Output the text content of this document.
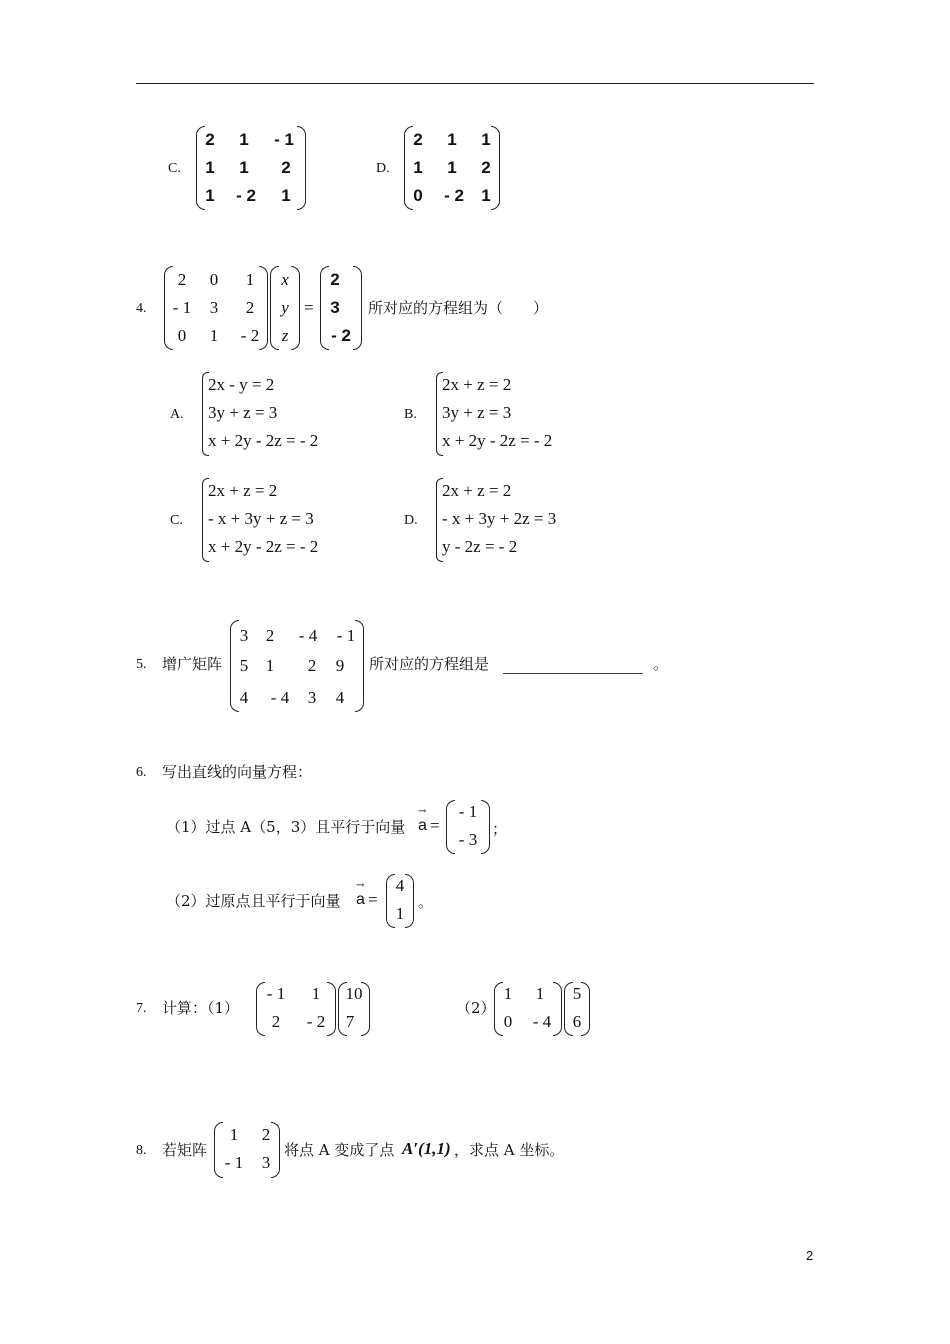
C.
2 1 - 1
1 1 2
1 - 2 1
D.
2 1 1
1 1 2
0 - 2 1
4.
2 0 1
- 1 3 2
0 1 - 2
x
y
z
=
2
3
- 2
所对应的方程组为（　　）
A.
2x - y = 2
3y + z = 3
x + 2y - 2z = - 2
B.
2x + z = 2
3y + z = 3
x + 2y - 2z = - 2
C.
2x + z = 2
- x + 3y + z = 3
x + 2y - 2z = - 2
D.
2x + z = 2
- x + 3y + 2z = 3
y - 2z = - 2
5. 增广矩阵
3 2 - 4 - 1
5 1 2 9
4 - 4 3 4
所对应的方程组是	。
6. 写出直线的向量方程：
（1）过点 A（5，3）且平行于向量
→
a =
- 1
- 3
；
（2）过原点且平行于向量
→
a =
4
1
。
7. 计算：（1）
- 1 1
2 - 2
10
7
（2）
1 1
0 - 4
5
6
8. 若矩阵
1 2
- 1 3
将点 A 变成了点 A′(1,1) ，求点 A 坐标。
2
